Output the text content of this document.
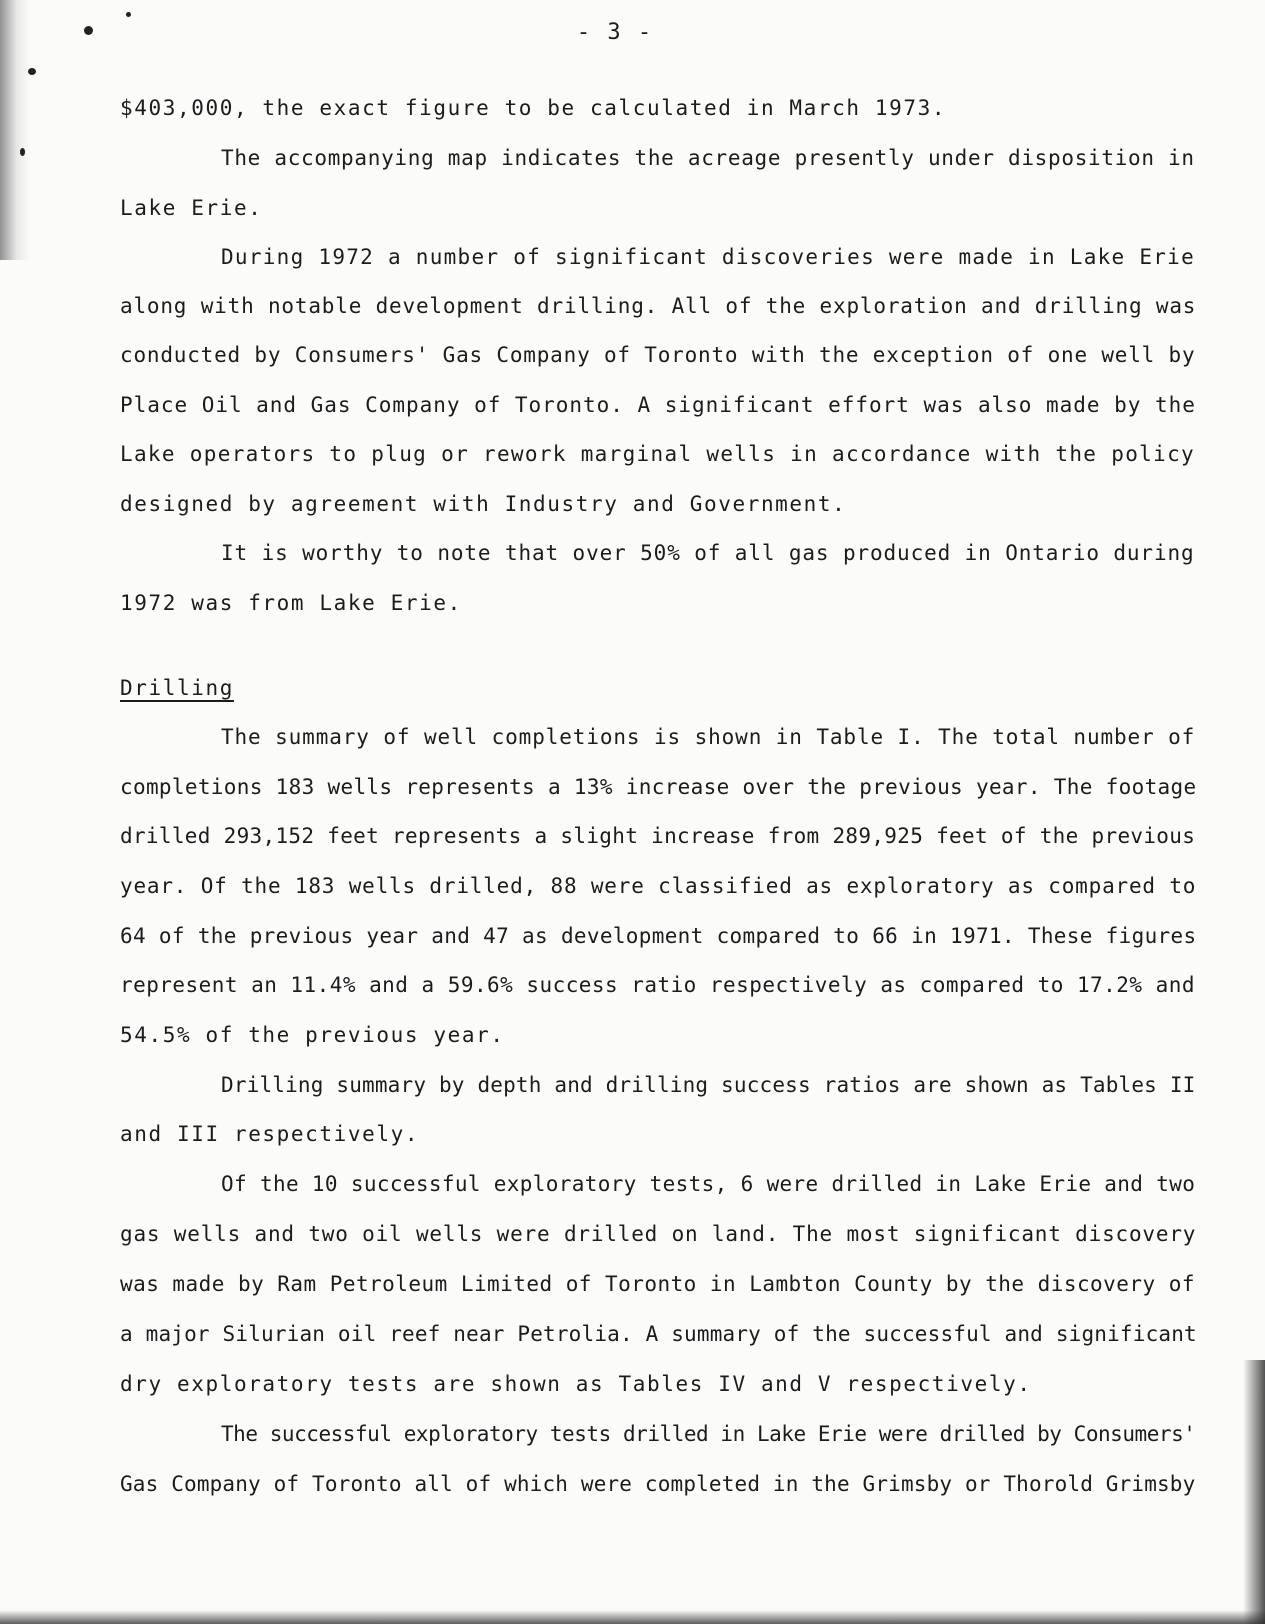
- 3 -
$403,000, the exact figure to be calculated in March 1973.
The accompanying map indicates the acreage presently under disposition in
Lake Erie.
During 1972 a number of significant discoveries were made in Lake Erie
along with notable development drilling. All of the exploration and drilling was
conducted by Consumers' Gas Company of Toronto with the exception of one well by
Place Oil and Gas Company of Toronto. A significant effort was also made by the
Lake operators to plug or rework marginal wells in accordance with the policy
designed by agreement with Industry and Government.
It is worthy to note that over 50% of all gas produced in Ontario during
1972 was from Lake Erie.
Drilling
The summary of well completions is shown in Table I. The total number of
completions 183 wells represents a 13% increase over the previous year. The footage
drilled 293,152 feet represents a slight increase from 289,925 feet of the previous
year. Of the 183 wells drilled, 88 were classified as exploratory as compared to
64 of the previous year and 47 as development compared to 66 in 1971. These figures
represent an 11.4% and a 59.6% success ratio respectively as compared to 17.2% and
54.5% of the previous year.
Drilling summary by depth and drilling success ratios are shown as Tables II
and III respectively.
Of the 10 successful exploratory tests, 6 were drilled in Lake Erie and two
gas wells and two oil wells were drilled on land. The most significant discovery
was made by Ram Petroleum Limited of Toronto in Lambton County by the discovery of
a major Silurian oil reef near Petrolia. A summary of the successful and significant
dry exploratory tests are shown as Tables IV and V respectively.
The successful exploratory tests drilled in Lake Erie were drilled by Consumers'
Gas Company of Toronto all of which were completed in the Grimsby or Thorold Grimsby
